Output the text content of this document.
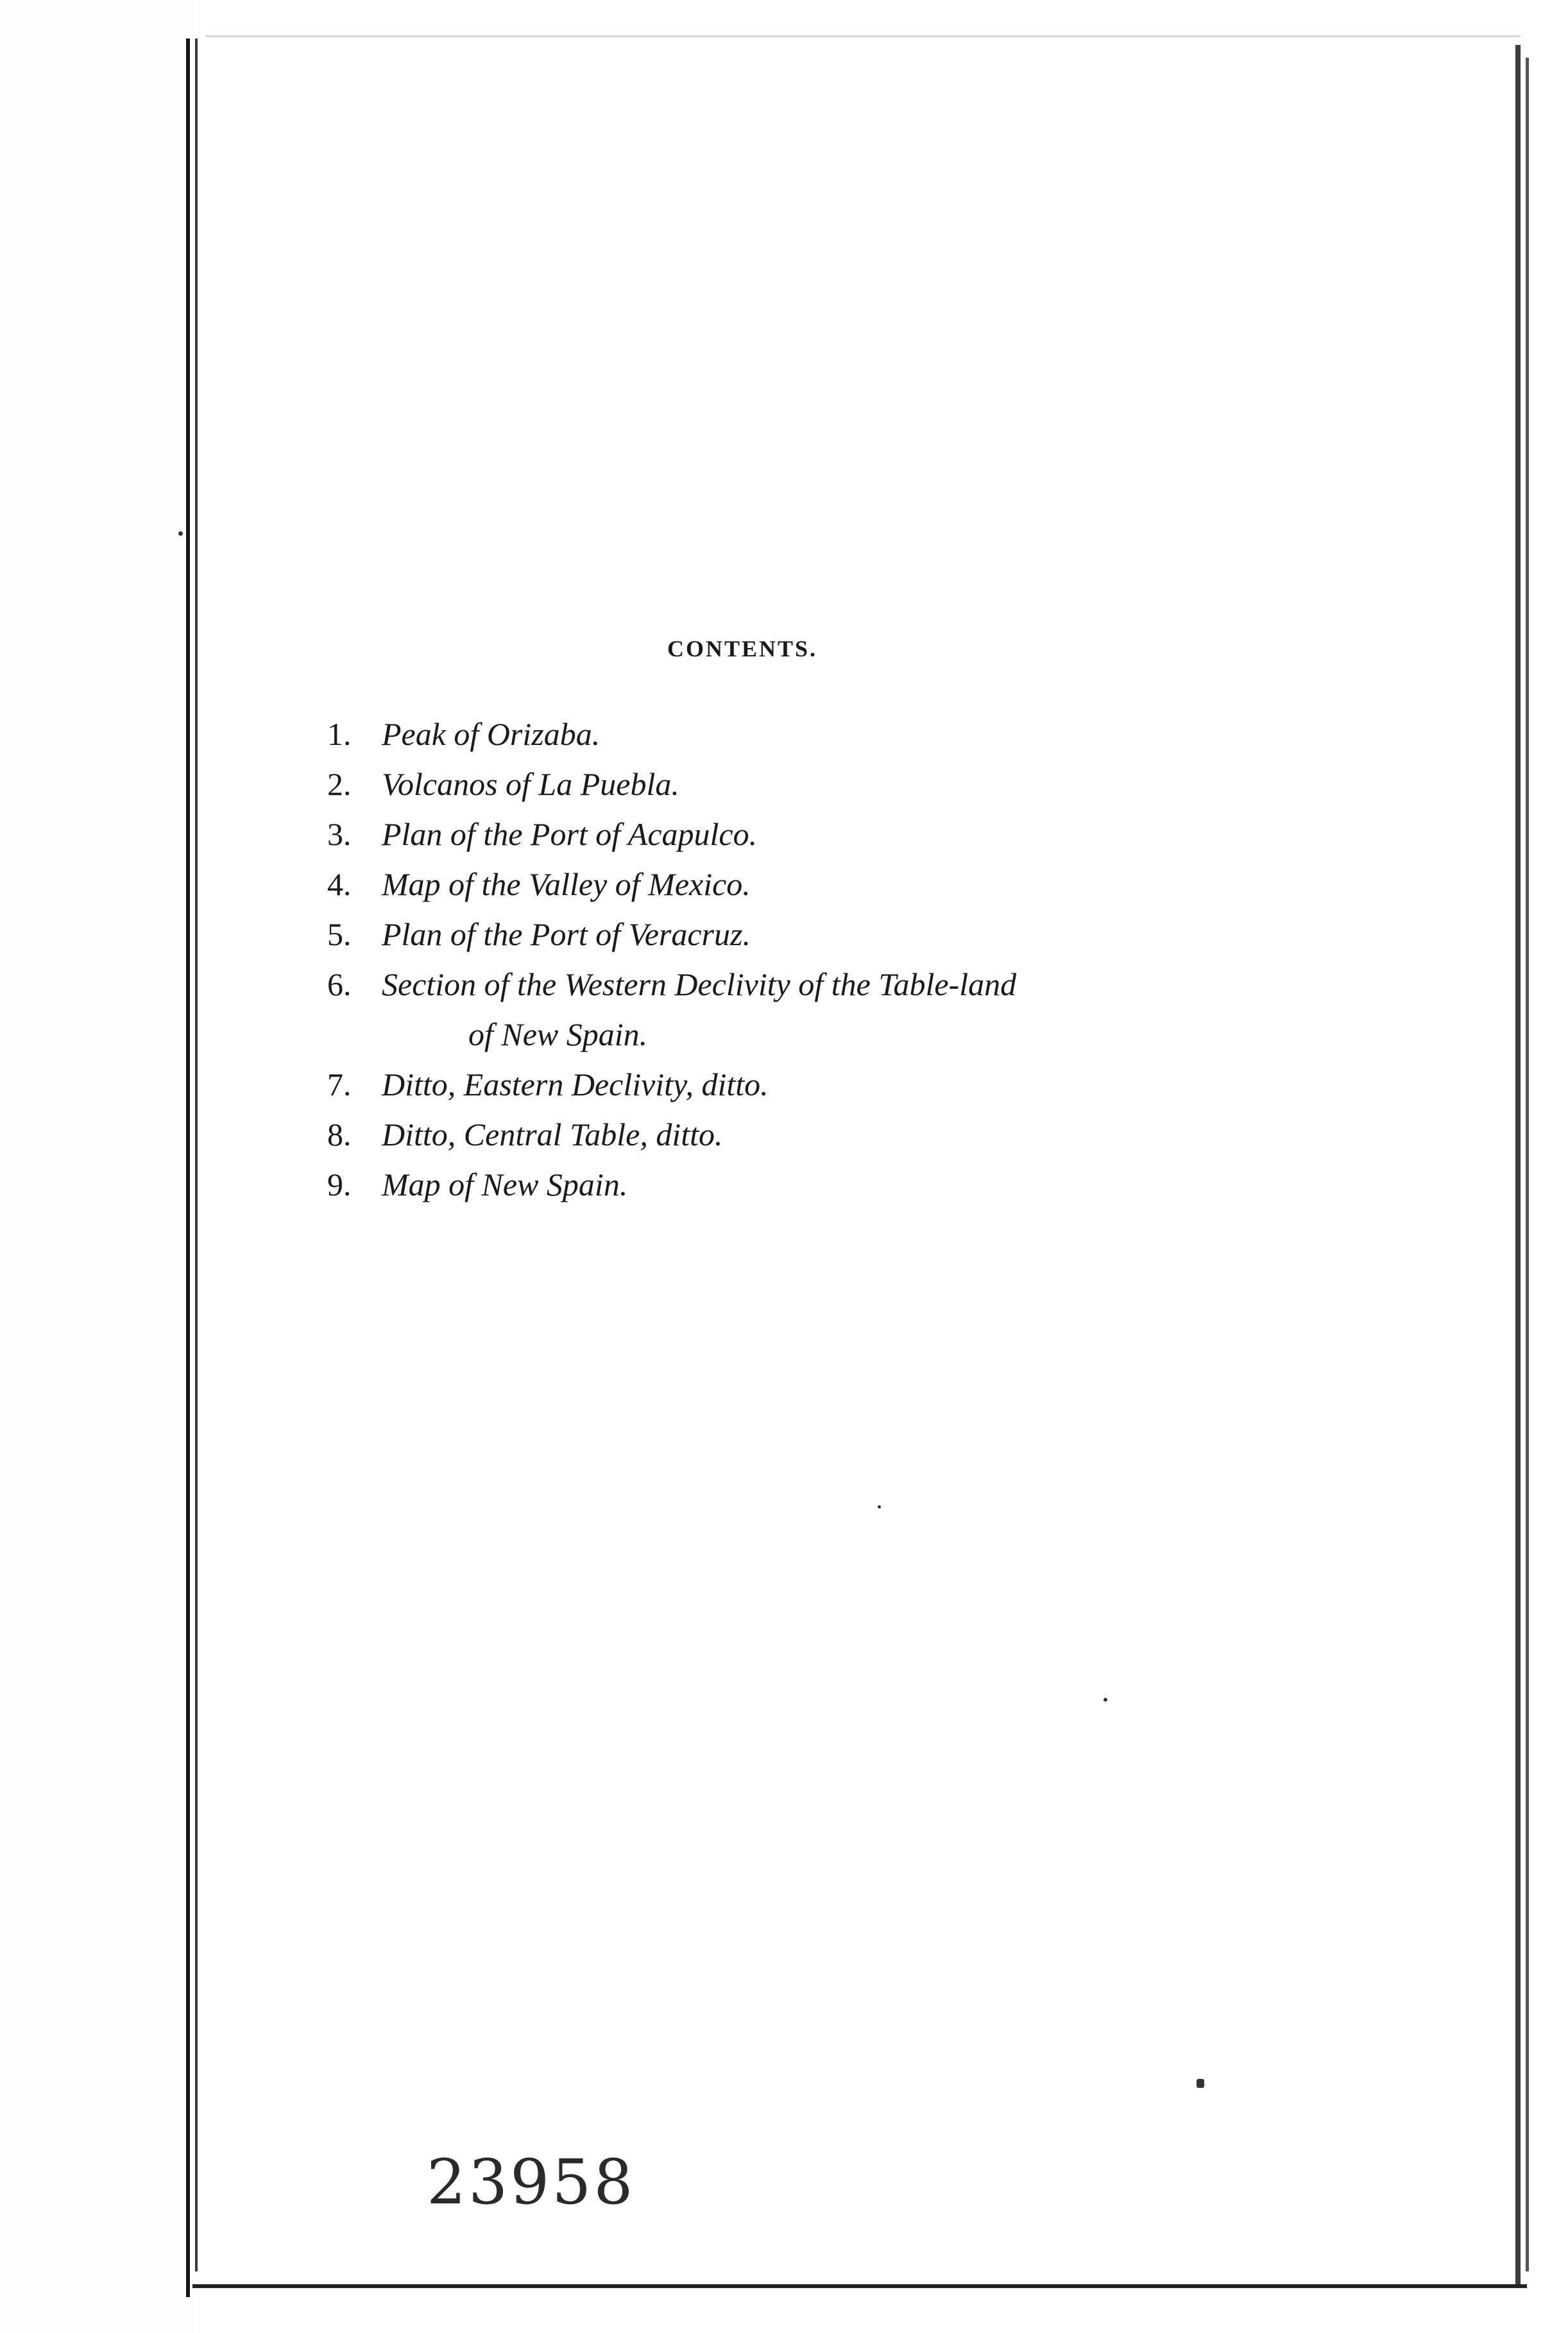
CONTENTS.
1. Peak of Orizaba.
2. Volcanos of La Puebla.
3. Plan of the Port of Acapulco.
4. Map of the Valley of Mexico.
5. Plan of the Port of Veracruz.
6. Section of the Western Declivity of the Table-land
of New Spain.
7. Ditto, Eastern Declivity, ditto.
8. Ditto, Central Table, ditto.
9. Map of New Spain.
23958
